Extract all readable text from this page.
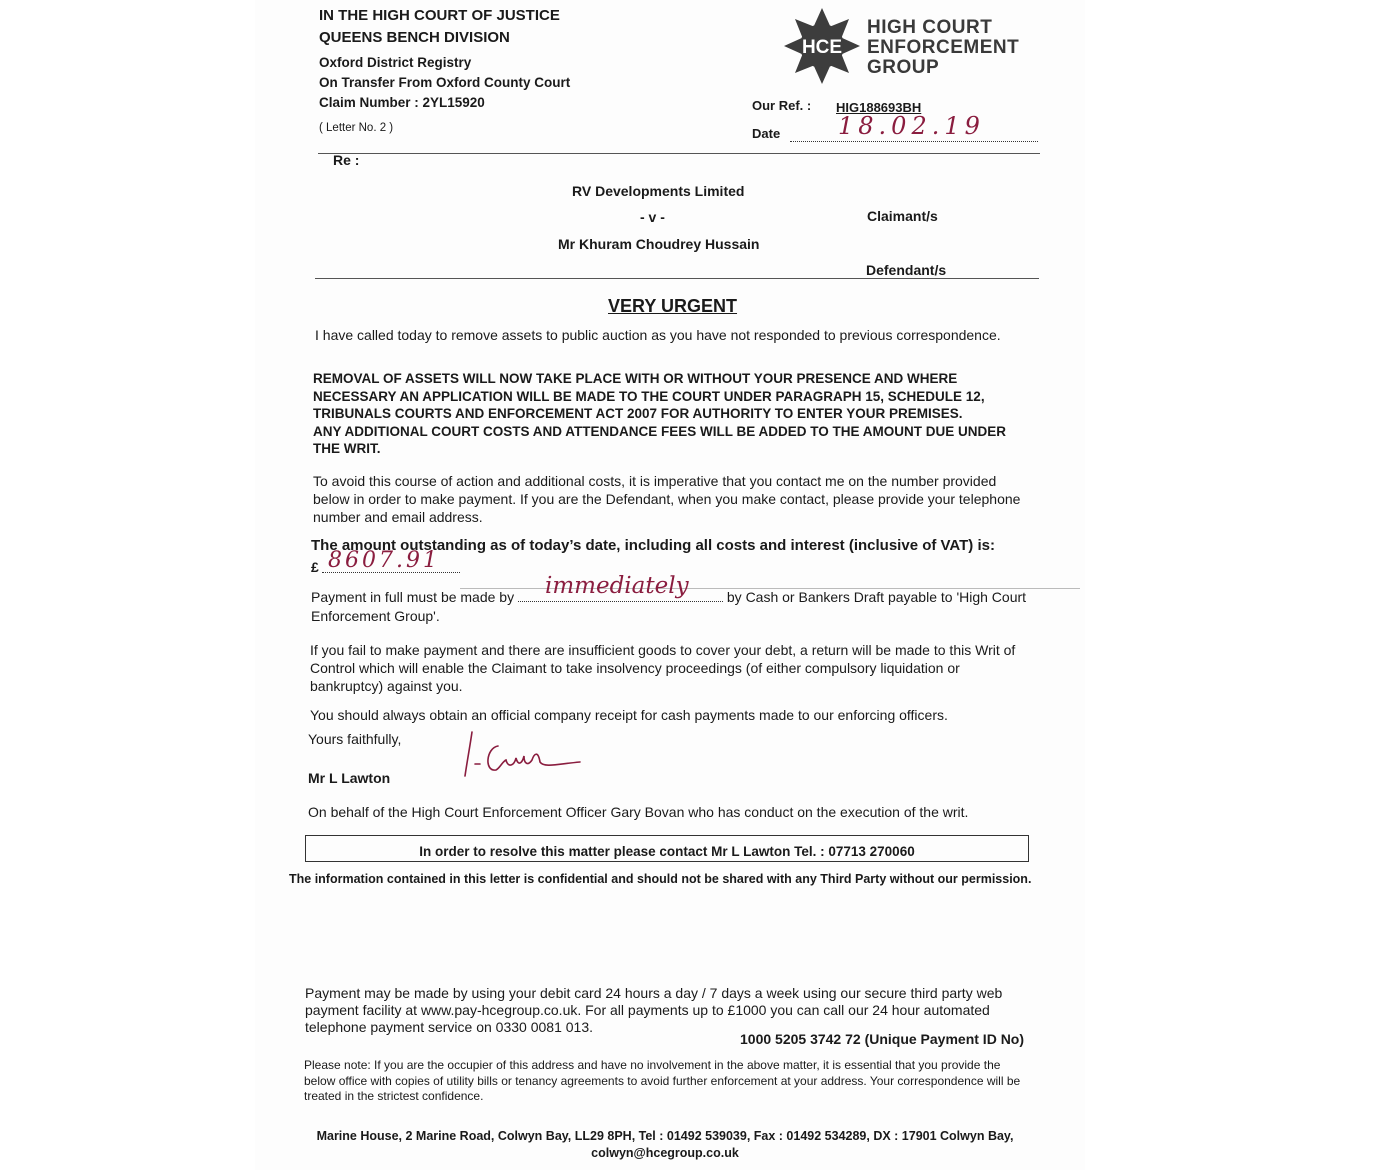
IN THE HIGH COURT OF JUSTICE
QUEENS BENCH DIVISION
Oxford District Registry
On Transfer From Oxford County Court
Claim Number : 2YL15920
( Letter No. 2 )
HCE
HIGH COURT
ENFORCEMENT
GROUP
Our Ref. : HIG188693BH
Date 18.02.19
Re :
RV Developments Limited
- v -	Claimant/s
Mr Khuram Choudrey Hussain
Defendant/s
VERY URGENT
I have called today to remove assets to public auction as you have not responded to previous correspondence.
REMOVAL OF ASSETS WILL NOW TAKE PLACE WITH OR WITHOUT YOUR PRESENCE AND WHERE NECESSARY AN APPLICATION WILL BE MADE TO THE COURT UNDER PARAGRAPH 15, SCHEDULE 12, TRIBUNALS COURTS AND ENFORCEMENT ACT 2007 FOR AUTHORITY TO ENTER YOUR PREMISES.
ANY ADDITIONAL COURT COSTS AND ATTENDANCE FEES WILL BE ADDED TO THE AMOUNT DUE UNDER THE WRIT.
To avoid this course of action and additional costs, it is imperative that you contact me on the number provided below in order to make payment. If you are the Defendant, when you make contact, please provide your telephone number and email address.
The amount outstanding as of today’s date, including all costs and interest (inclusive of VAT) is:
£ 8607.91
Payment in full must be made by	by Cash or Bankers Draft payable to 'High Court Enforcement Group'.
immediately
If you fail to make payment and there are insufficient goods to cover your debt, a return will be made to this Writ of Control which will enable the Claimant to take insolvency proceedings (of either compulsory liquidation or bankruptcy) against you.
You should always obtain an official company receipt for cash payments made to our enforcing officers.
Yours faithfully,
Mr L Lawton
On behalf of the High Court Enforcement Officer Gary Bovan who has conduct on the execution of the writ.
In order to resolve this matter please contact Mr L Lawton Tel. : 07713 270060
The information contained in this letter is confidential and should not be shared with any Third Party without our permission.
Payment may be made by using your debit card 24 hours a day / 7 days a week using our secure third party web payment facility at www.pay-hcegroup.co.uk. For all payments up to £1000 you can call our 24 hour automated telephone payment service on 0330 0081 013.
1000 5205 3742 72 (Unique Payment ID No)
Please note: If you are the occupier of this address and have no involvement in the above matter, it is essential that you provide the below office with copies of utility bills or tenancy agreements to avoid further enforcement at your address. Your correspondence will be treated in the strictest confidence.
Marine House, 2 Marine Road, Colwyn Bay, LL29 8PH, Tel : 01492 539039, Fax : 01492 534289, DX : 17901 Colwyn Bay,
colwyn@hcegroup.co.uk
